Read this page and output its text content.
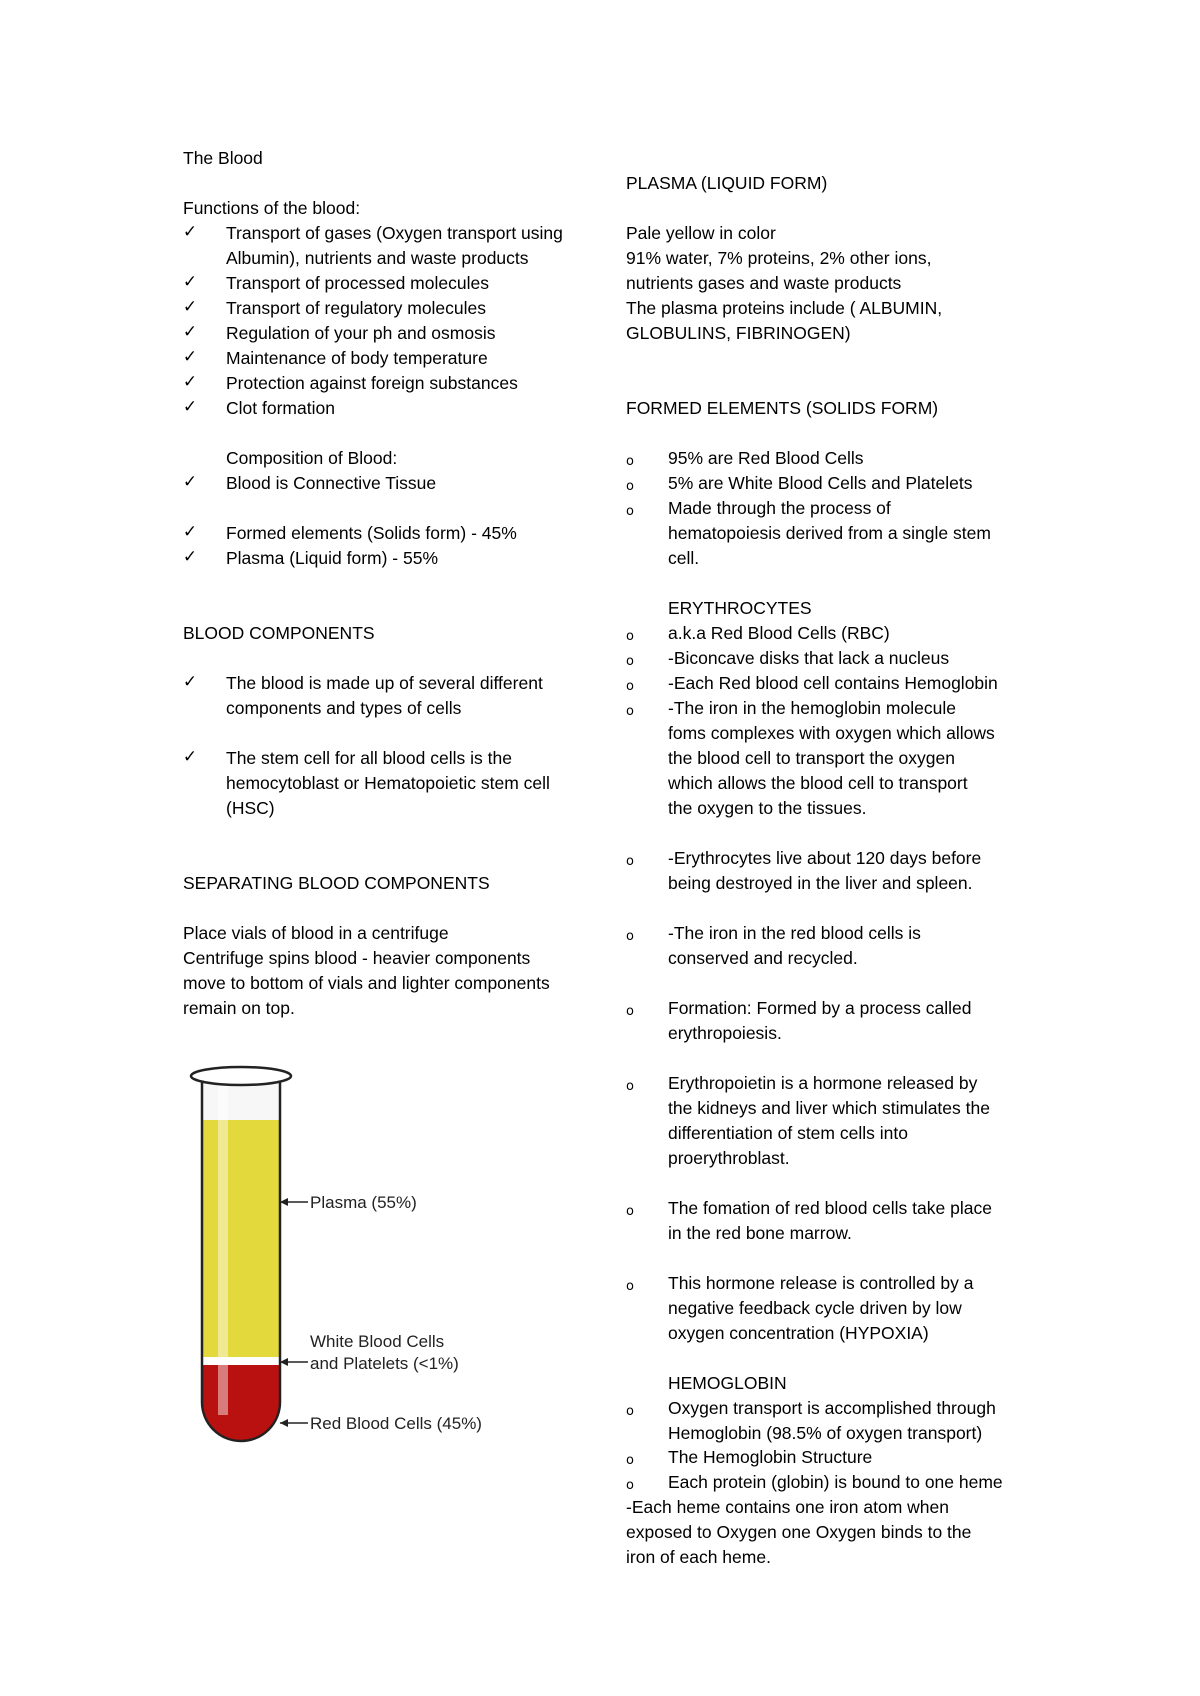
The Blood
Functions of the blood:
✓ Transport of gases (Oxygen transport using
Albumin), nutrients and waste products
✓ Transport of processed molecules
✓ Transport of regulatory molecules
✓ Regulation of your ph and osmosis
✓ Maintenance of body temperature
✓ Protection against foreign substances
✓ Clot formation
Composition of Blood:
✓ Blood is Connective Tissue
✓ Formed elements (Solids form) - 45%
✓ Plasma (Liquid form) - 55%
BLOOD COMPONENTS
✓ The blood is made up of several different
components and types of cells
✓ The stem cell for all blood cells is the
hemocytoblast or Hematopoietic stem cell
(HSC)
SEPARATING BLOOD COMPONENTS
Place vials of blood in a centrifuge
Centrifuge spins blood - heavier components
move to bottom of vials and lighter components
remain on top.
Plasma (55%)
White Blood Cells
and Platelets (<1%)
Red Blood Cells (45%)
PLASMA (LIQUID FORM)
Pale yellow in color
91% water, 7% proteins, 2% other ions,
nutrients gases and waste products
The plasma proteins include ( ALBUMIN,
GLOBULINS, FIBRINOGEN)
FORMED ELEMENTS (SOLIDS FORM)
o 95% are Red Blood Cells
o 5% are White Blood Cells and Platelets
o Made through the process of
hematopoiesis derived from a single stem
cell.
ERYTHROCYTES
o a.k.a Red Blood Cells (RBC)
o -Biconcave disks that lack a nucleus
o -Each Red blood cell contains Hemoglobin
o -The iron in the hemoglobin molecule
foms complexes with oxygen which allows
the blood cell to transport the oxygen
which allows the blood cell to transport
the oxygen to the tissues.
o -Erythrocytes live about 120 days before
being destroyed in the liver and spleen.
o -The iron in the red blood cells is
conserved and recycled.
o Formation: Formed by a process called
erythropoiesis.
o Erythropoietin is a hormone released by
the kidneys and liver which stimulates the
differentiation of stem cells into
proerythroblast.
o The fomation of red blood cells take place
in the red bone marrow.
o This hormone release is controlled by a
negative feedback cycle driven by low
oxygen concentration (HYPOXIA)
HEMOGLOBIN
o Oxygen transport is accomplished through
Hemoglobin (98.5% of oxygen transport)
o The Hemoglobin Structure
o Each protein (globin) is bound to one heme
-Each heme contains one iron atom when
exposed to Oxygen one Oxygen binds to the
iron of each heme.
